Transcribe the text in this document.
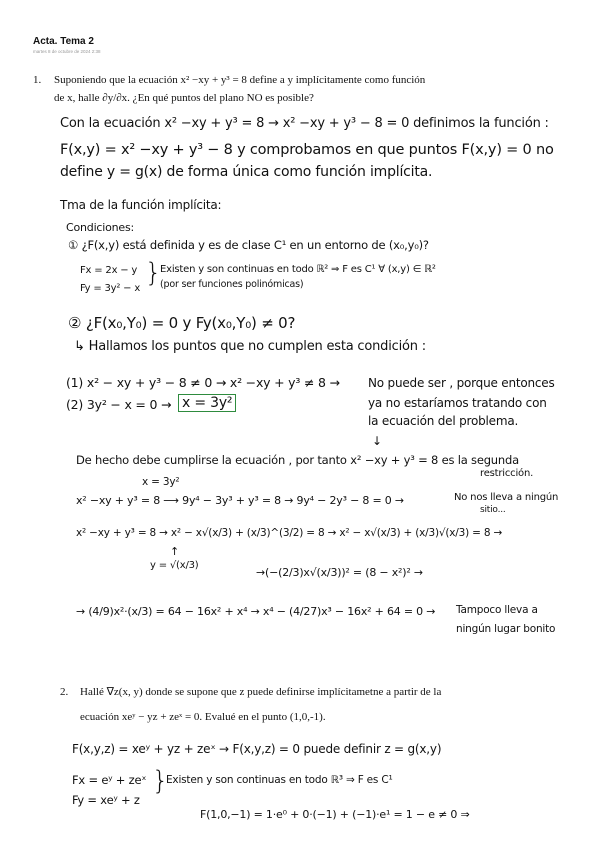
Acta. Tema 2
martes 8 de octubre de 2024 2:38
1. Suponiendo que la ecuación x² −xy + y³ = 8 define a y implícitamente como función
de x, halle ∂y/∂x. ¿En qué puntos del plano NO es posible?
Con la ecuación x² −xy + y³ = 8 → x² −xy + y³ − 8 = 0 definimos la función :
F(x,y) = x² −xy + y³ − 8 y comprobamos en que puntos F(x,y) = 0 no
define y = g(x) de forma única como función implícita.
Tma de la función implícita:
Condiciones:
① ¿F(x,y) está definida y es de clase C¹ en un entorno de (x₀,y₀)?
Fx = 2x − y
Fy = 3y² − x
}
Existen y son continuas en todo ℝ² ⇒ F es C¹ ∀ (x,y) ∈ ℝ²
(por ser funciones polinómicas)
② ¿F(x₀,Y₀) = 0 y Fy(x₀,Y₀) ≠ 0?
↳ Hallamos los puntos que no cumplen esta condición :
(1) x² − xy + y³ − 8 ≠ 0 → x² −xy + y³ ≠ 8 → No puede ser , porque entonces
ya no estaríamos tratando con
la ecuación del problema.
(2) 3y² − x = 0 → x = 3y²
↓
De hecho debe cumplirse la ecuación , por tanto x² −xy + y³ = 8 es la segunda
restricción.
x = 3y²
x² −xy + y³ = 8 ⟶ 9y⁴ − 3y³ + y³ = 8 → 9y⁴ − 2y³ − 8 = 0 →	No nos lleva a ningún
sitio...
x² −xy + y³ = 8 → x² − x√(x/3) + (x/3)^(3/2) = 8 → x² − x√(x/3) + (x/3)√(x/3) = 8 →
↑
y = √(x/3)
→(−(2/3)x√(x/3))² = (8 − x²)² →
→ (4/9)x²·(x/3) = 64 − 16x² + x⁴ → x⁴ − (4/27)x³ − 16x² + 64 = 0 → Tampoco lleva a
ningún lugar bonito
2. Hallé ∇z(x, y) donde se supone que z puede definirse implícitametne a partir de la
ecuación xeʸ − yz + zeˣ = 0. Evalué en el punto (1,0,-1).
F(x,y,z) = xeʸ + yz + zeˣ → F(x,y,z) = 0 puede definir z = g(x,y)
Fx = eʸ + zeˣ
Fy = xeʸ + z
}
Existen y son continuas en todo ℝ³ ⇒ F es C¹
F(1,0,−1) = 1·e⁰ + 0·(−1) + (−1)·e¹ = 1 − e ≠ 0 ⇒
